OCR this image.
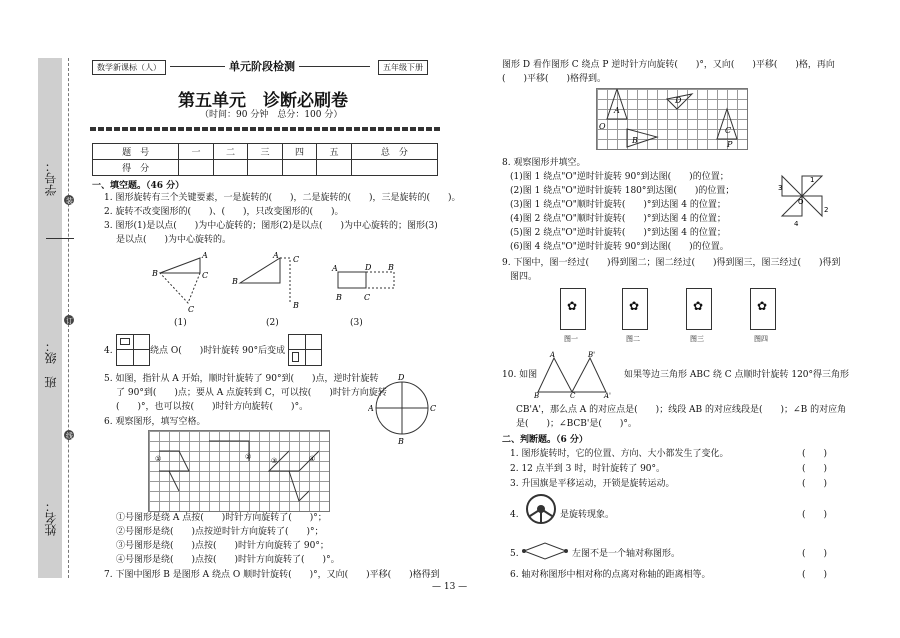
姓名：
班　级：
学号：
装
订
线
数学新课标（人）	单元阶段检测	五年级下册
第五单元　诊断必刷卷
（时间：90 分钟　总分：100 分）
题　号	一	二	三	四	五	总　分
得　分						
一、填空题。（46 分）
1. 图形旋转有三个关键要素，一是旋转的(　　)，二是旋转的(　　)，三是旋转的(　　)。
2. 旋转不改变图形的(　　)、(　　)，只改变图形的(　　)。
3. 图形(1)是以点(　　)为中心旋转的；图形(2)是以点(　　)为中心旋转的；图形(3)
是以点(　　)为中心旋转的。
B
A
C
C
B
A C
B
A	D B
B	C
(1)	(2)	(3)
4.	绕点 O(　　)时针旋转 90°后变成
5. 如图，指针从 A 开始，顺时针旋转了 90°到(　　)点，逆时针旋转
了 90°到(　　)点；要从 A 点旋转到 C，可以按(　　)时针方向旋转
(　　)°，也可以按(　　)时针方向旋转(　　)°。
D
A	C
B
6. 观察图形，填写空格。
①	②	③	④
①号图形是绕 A 点按(　　)时针方向旋转了(　　)°；
②号图形是绕(　　)点按逆时针方向旋转了(　　)°；
③号图形是绕(　　)点按(　　)时针方向旋转了 90°；
④号图形是绕(　　)点按(　　)时针方向旋转了(　　)°。
7. 下图中图形 B 是图形 A 绕点 O 顺时针旋转(　　)°，又向(　　)平移(　　)格得到
— 13 —
图形 D 看作图形 C 绕点 P 逆时针方向旋转(　　)°，又向(　　)平移(　　)格，再向
(　　)平移(　　)格得到。
A
D
B
C
O
P
8. 观察图形并填空。
(1)图 1 绕点"O"逆时针旋转 90°到达图(　　)的位置；
(2)图 1 绕点"O"逆时针旋转 180°到达图(　　)的位置；
(3)图 1 绕点"O"顺时针旋转(　　)°到达图 4 的位置；
(4)图 2 绕点"O"顺时针旋转(　　)°到达图 4 的位置；
(5)图 2 绕点"O"逆时针旋转(　　)°到达图 4 的位置；
(6)图 4 绕点"O"逆时针旋转 90°到达图(　　)的位置。
1
3
4
2
O
9. 下图中，图一经过(　　)得到图二；图二经过(　　)得到图三，图三经过(　　)得到
图四。
✿	✿	✿	✿
图一	图二	图三	图四
10. 如图
A	B'
B	C	A'
如果等边三角形 ABC 绕 C 点顺时针旋转 120°得三角形
CB'A'，那么点 A 的对应点是(　　)；线段 AB 的对应线段是(　　)；∠B 的对应角
是(　　)；∠BCB'是(　　)°。
二、判断题。（6 分）
1. 图形旋转时，它的位置、方向、大小都发生了变化。
2. 12 点半到 3 时，时针旋转了 90°。
3. 升国旗是平移运动，开锁是旋转运动。
4.	是旋转现象。
5.	左图不是一个轴对称图形。
6. 轴对称图形中相对称的点离对称轴的距离相等。
(　　)
(　　)
(　　)
(　　)
(　　)
(　　)
